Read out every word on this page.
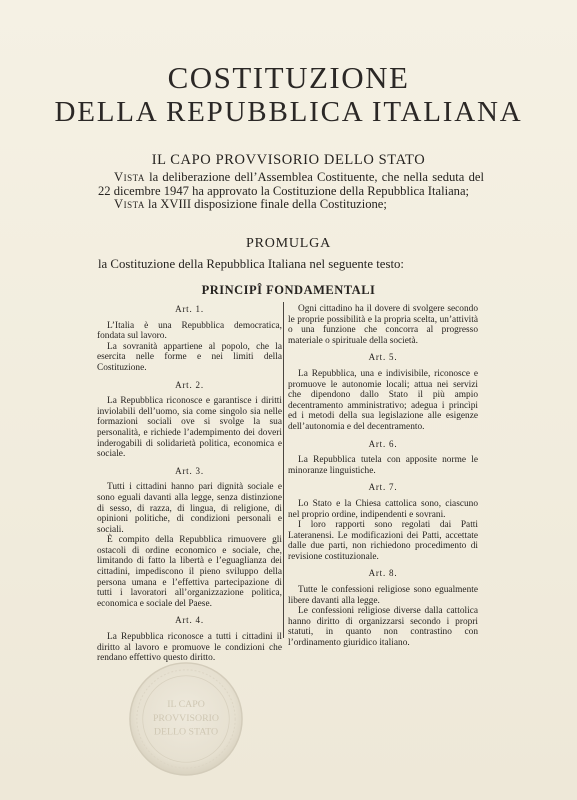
COSTITUZIONE
DELLA REPUBBLICA ITALIANA
IL CAPO PROVVISORIO DELLO STATO

Vista la deliberazione dell’Assemblea Costituente, che nella seduta del 22 dicembre 1947 ha approvato la Costituzione della Repubblica Italiana;

Vista la XVIII disposizione finale della Costituzione;

PROMULGA
la Costituzione della Repubblica Italiana nel seguente testo:
PRINCIPÎ FONDAMENTALI
Art. 1.

L’Italia è una Repubblica democratica, fondata sul lavoro.

La sovranità appartiene al popolo, che la esercita nelle forme e nei limiti della Costituzione.

Art. 2.

La Repubblica riconosce e garantisce i diritti inviolabili dell’uomo, sia come singolo sia nelle formazioni sociali ove si svolge la sua personalità, e richiede l’adempimento dei doveri inderogabili di solidarietà politica, economica e sociale.

Art. 3.

Tutti i cittadini hanno pari dignità sociale e sono eguali davanti alla legge, senza distinzione di sesso, di razza, di lingua, di religione, di opinioni politiche, di condizioni personali e sociali.

È compito della Repubblica rimuovere gli ostacoli di ordine economico e sociale, che, limitando di fatto la libertà e l’eguaglianza dei cittadini, impediscono il pieno sviluppo della persona umana e l’effettiva partecipazione di tutti i lavoratori all’organizzazione politica, economica e sociale del Paese.

Art. 4.

La Repubblica riconosce a tutti i cittadini il diritto al lavoro e promuove le condizioni che rendano effettivo questo diritto.

Ogni cittadino ha il dovere di svolgere secondo le proprie possibilità e la propria scelta, un’attività o una funzione che concorra al progresso materiale o spirituale della società.

Art. 5.

La Repubblica, una e indivisibile, riconosce e promuove le autonomie locali; attua nei servizi che dipendono dallo Stato il più ampio decentramento amministrativo; adegua i princìpi ed i metodi della sua legislazione alle esigenze dell’autonomia e del decentramento.

Art. 6.

La Repubblica tutela con apposite norme le minoranze linguistiche.

Art. 7.

Lo Stato e la Chiesa cattolica sono, ciascuno nel proprio ordine, indipendenti e sovrani.

I loro rapporti sono regolati dai Patti Lateranensi. Le modificazioni dei Patti, accettate dalle due parti, non richiedono procedimento di revisione costituzionale.

Art. 8.

Tutte le confessioni religiose sono egualmente libere davanti alla legge.

Le confessioni religiose diverse dalla cattolica hanno diritto di organizzarsi secondo i propri statuti, in quanto non contrastino con l’ordinamento giuridico italiano.

IL CAPO
PROVVISORIO
DELLO STATO
